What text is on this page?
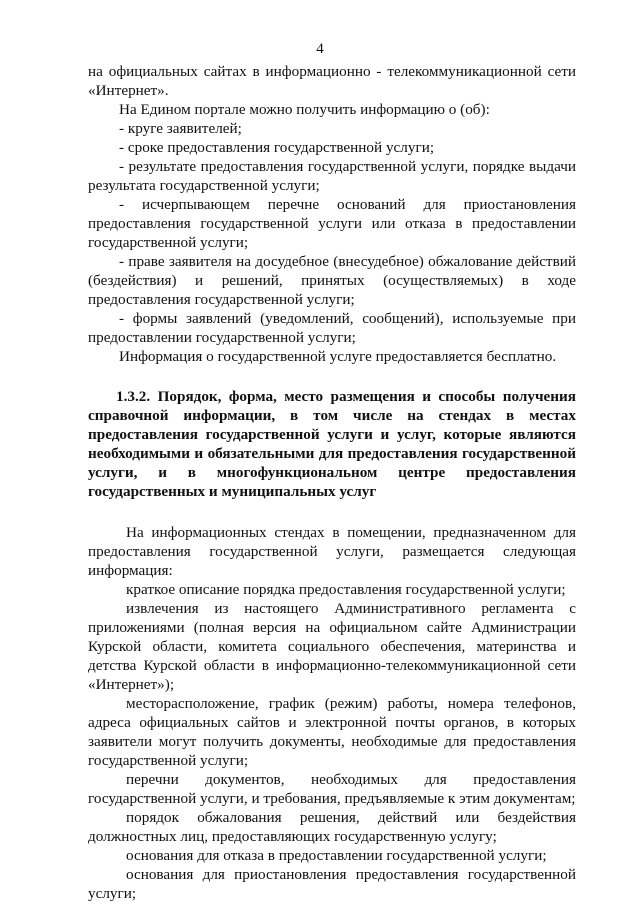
4

на официальных сайтах в информационно - телекоммуникационной сети «Интернет».

На Едином портале можно получить информацию о (об):

- круге заявителей;

- сроке предоставления государственной услуги;

- результате предоставления государственной услуги, порядке выдачи результата государственной услуги;

- исчерпывающем перечне оснований для приостановления предоставления государственной услуги или отказа в предоставлении государственной услуги;

- праве заявителя на досудебное (внесудебное) обжалование действий (бездействия) и решений, принятых (осуществляемых) в ходе предоставления государственной услуги;

- формы заявлений (уведомлений, сообщений), используемые при предоставлении государственной услуги;

Информация о государственной услуге предоставляется бесплатно.

1.3.2. Порядок, форма, место размещения и способы получения справочной информации, в том числе на стендах в местах предоставления государственной услуги и услуг, которые являются необходимыми и обязательными для предоставления государственной услуги, и в многофункциональном центре предоставления государственных и муниципальных услуг

На информационных стендах в помещении, предназначенном для предоставления государственной услуги, размещается следующая информация:

краткое описание порядка предоставления государственной услуги;

извлечения из настоящего Административного регламента с приложениями (полная версия на официальном сайте Администрации Курской области, комитета социального обеспечения, материнства и детства Курской области в информационно-телекоммуникационной сети «Интернет»);

месторасположение, график (режим) работы, номера телефонов, адреса официальных сайтов и электронной почты органов, в которых заявители могут получить документы, необходимые для предоставления государственной услуги;

перечни документов, необходимых для предоставления государственной услуги, и требования, предъявляемые к этим документам;

порядок обжалования решения, действий или бездействия должностных лиц, предоставляющих государственную услугу;

основания для отказа в предоставлении государственной услуги;

основания для приостановления предоставления государственной услуги;
